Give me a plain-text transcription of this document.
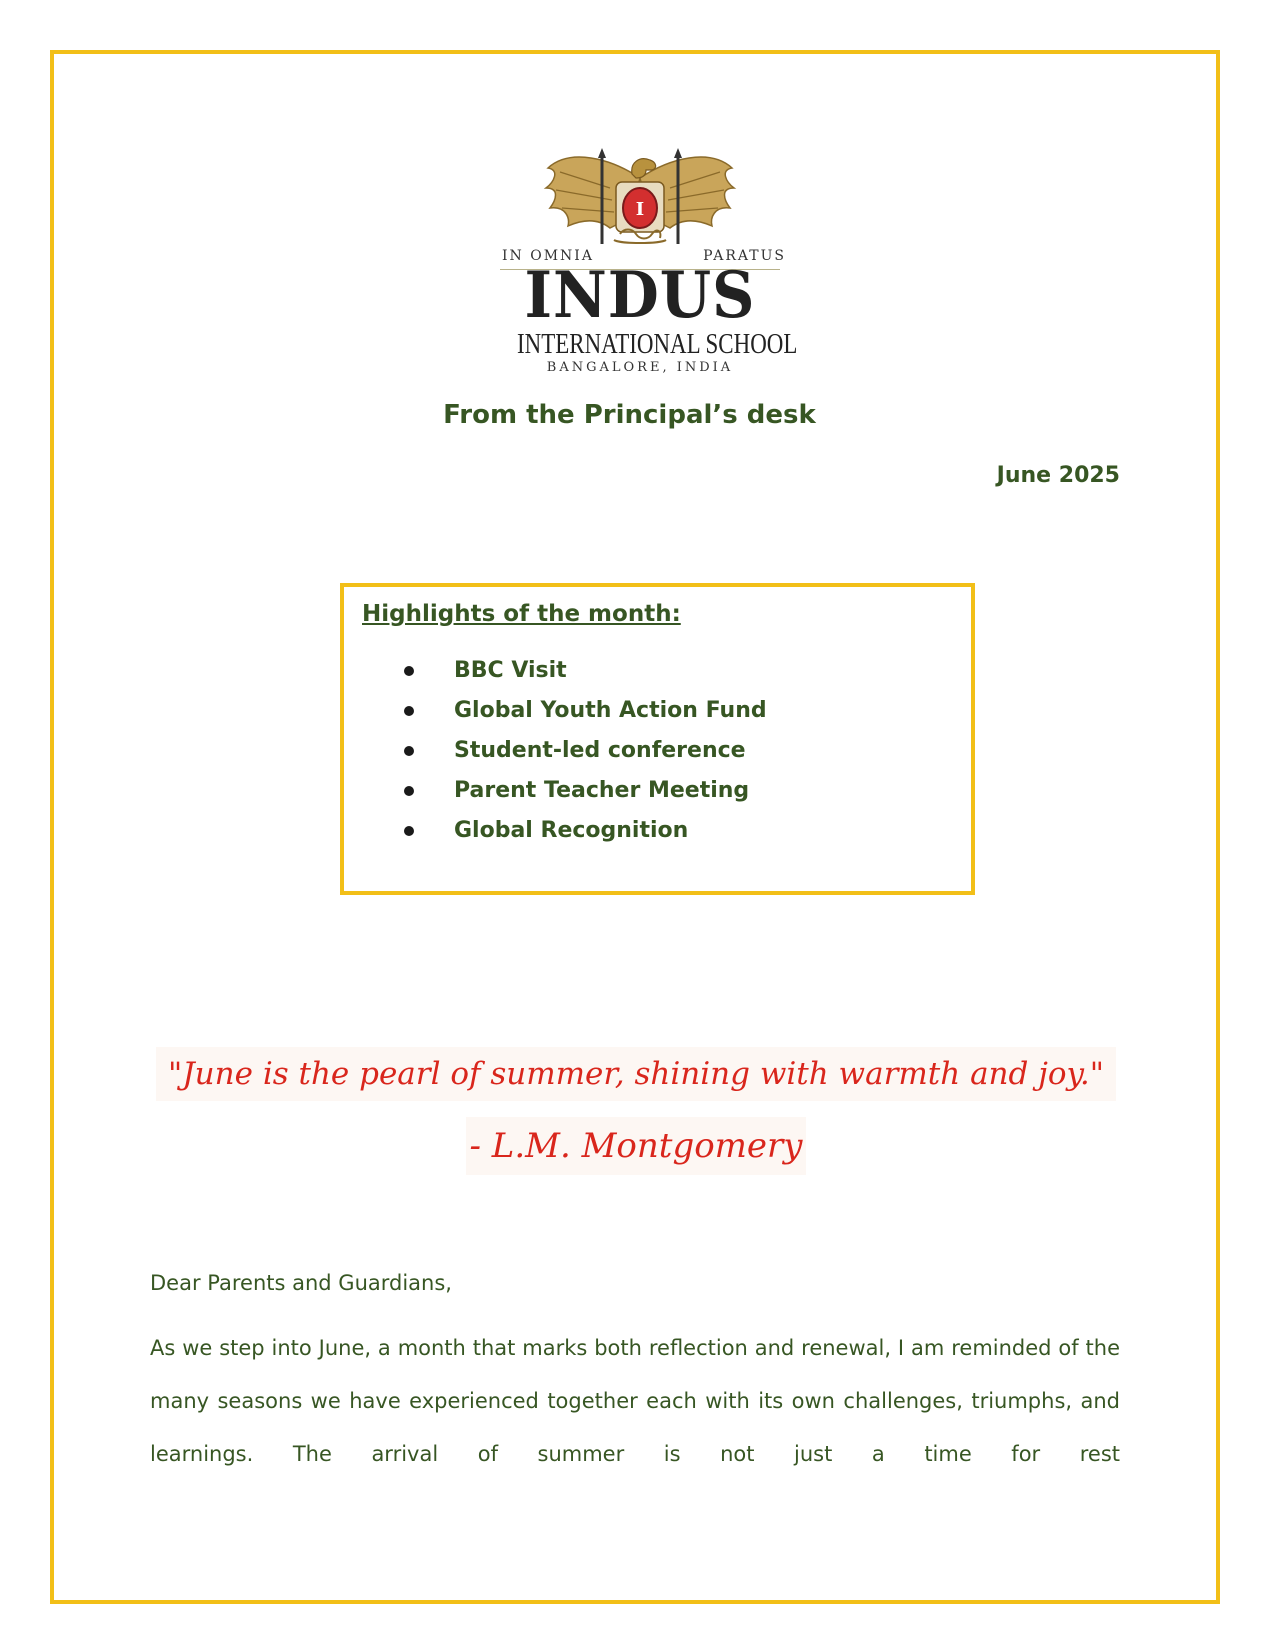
I
IN OMNIA	PARATUS
INDUS
INTERNATIONAL SCHOOL
BANGALORE, INDIA
From the Principal’s desk
June 2025
Highlights of the month:
BBC Visit
Global Youth Action Fund
Student-led conference
Parent Teacher Meeting
Global Recognition
"June is the pearl of summer, shining with warmth and joy."
- L.M. Montgomery
Dear Parents and Guardians,

As we step into June, a month that marks both reflection and renewal, I am reminded of the many seasons we have experienced together each with its own challenges, triumphs, and learnings. The arrival of summer is not just a time for rest
